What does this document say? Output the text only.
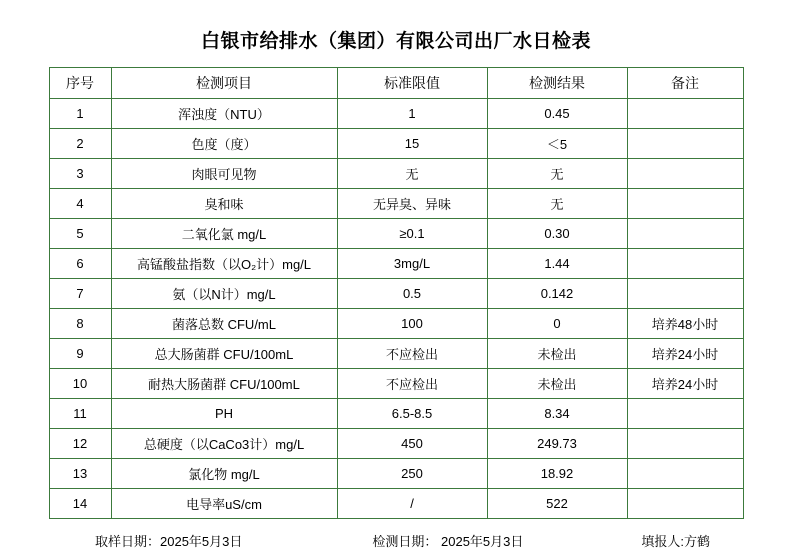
白银市给排水（集团）有限公司出厂水日检表
序号	检测项目	标准限值	检测结果	备注
1	浑浊度（NTU）	1	0.45	
2	色度（度）	15	＜5	
3	肉眼可见物	无	无	
4	臭和味	无异臭、异味	无	
5	二氧化氯 mg/L	≥0.1	0.30	
6	高锰酸盐指数（以O₂计）mg/L	3mg/L	1.44	
7	氨（以N计）mg/L	0.5	0.142	
8	菌落总数 CFU/mL	100	0	培养48小时
9	总大肠菌群 CFU/100mL	不应检出	未检出	培养24小时
10	耐热大肠菌群 CFU/100mL	不应检出	未检出	培养24小时
11	PH	6.5-8.5	8.34	
12	总硬度（以CaCo3计）mg/L	450	249.73	
13	氯化物 mg/L	250	18.92	
14	电导率uS/cm	/	522	
取样日期：2025年5月3日	检测日期： 2025年5月3日	填报人:方鹤
